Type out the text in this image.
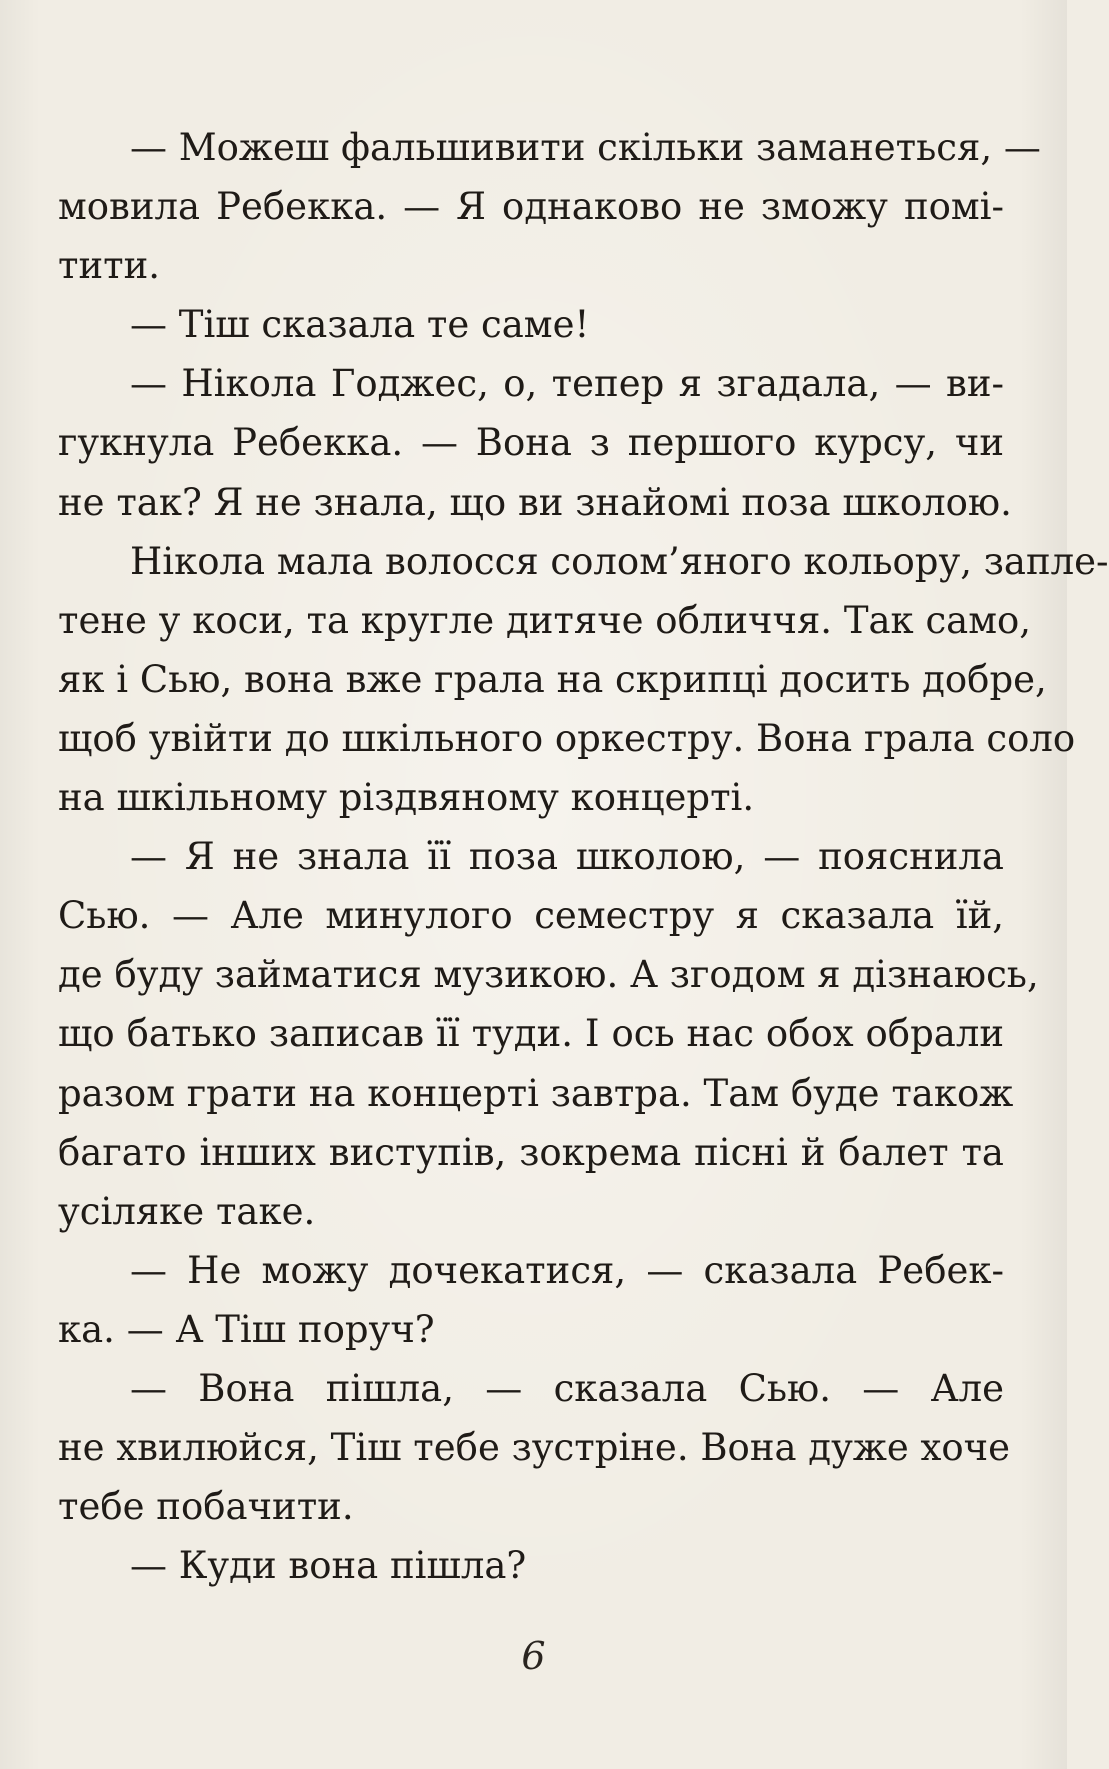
— Можеш фальшивити скільки заманеться, —
мовила Ребекка. — Я однаково не зможу помі-
тити.
— Тіш сказала те саме!
— Нікола Годжес, о, тепер я згадала, — ви-
гукнула Ребекка. — Вона з першого курсу, чи
не так? Я не знала, що ви знайомі поза школою.
Нікола мала волосся солом’яного кольору, запле-
тене у коси, та кругле дитяче обличчя. Так само,
як і Сью, вона вже грала на скрипці досить добре,
щоб увійти до шкільного оркестру. Вона грала соло
на шкільному різдвяному концерті.
— Я не знала її поза школою, — пояснила
Сью. — Але минулого семестру я сказала їй,
де буду займатися музикою. А згодом я дізнаюсь,
що батько записав її туди. І ось нас обох обрали
разом грати на концерті завтра. Там буде також
багато інших виступів, зокрема пісні й балет та
усіляке таке.
— Не можу дочекатися, — сказала Ребек-
ка. — А Тіш поруч?
— Вона пішла, — сказала Сью. — Але
не хвилюйся, Тіш тебе зустріне. Вона дуже хоче
тебе побачити.
— Куди вона пішла?
6
